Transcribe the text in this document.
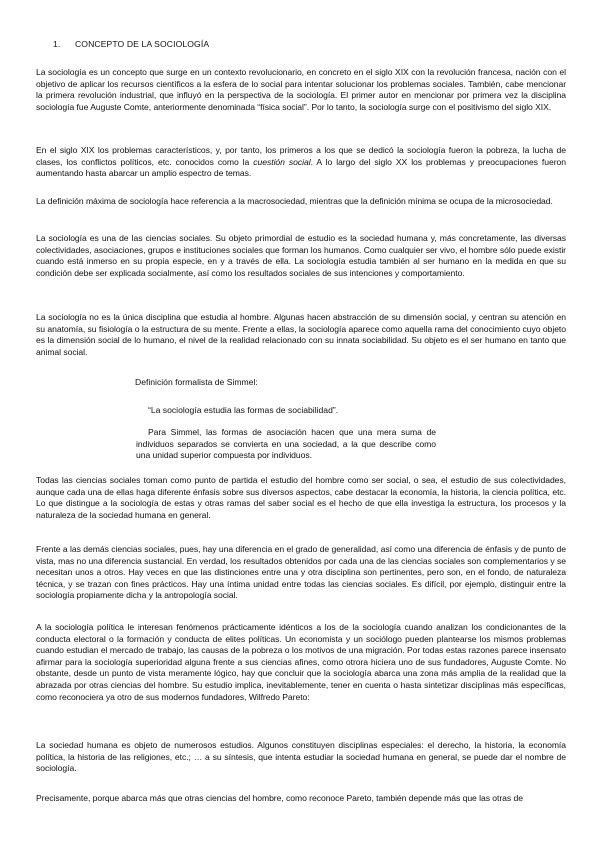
1. CONCEPTO DE LA SOCIOLOGÍA

La sociología es un concepto que surge en un contexto revolucionario, en concreto en el siglo XIX con la revolución francesa, nación con el objetivo de aplicar los recursos científicos a la esfera de lo social para intentar solucionar los problemas sociales. También, cabe mencionar la primera revolución industrial, que influyó en la perspectiva de la sociología. El primer autor en mencionar por primera vez la disciplina sociología fue Auguste Comte, anteriormente denominada “física social”. Por lo tanto, la sociología surge con el positivismo del siglo XIX.

En el siglo XIX los problemas característicos, y, por tanto, los primeros a los que se dedicó la sociología fueron la pobreza, la lucha de clases, los conflictos políticos, etc. conocidos como la cuestión social. A lo largo del siglo XX los problemas y preocupaciones fueron aumentando hasta abarcar un amplio espectro de temas.

La definición máxima de sociología hace referencia a la macrosociedad, mientras que la definición mínima se ocupa de la microsociedad.

La sociología es una de las ciencias sociales. Su objeto primordial de estudio es la sociedad humana y, más concretamente, las diversas colectividades, asociaciones, grupos e instituciones sociales que forman los humanos. Como cualquier ser vivo, el hombre sólo puede existir cuando está inmerso en su propia especie, en y a través de ella. La sociología estudia también al ser humano en la medida en que su condición debe ser explicada socialmente, así como los resultados sociales de sus intenciones y comportamiento.

La sociología no es la única disciplina que estudia al hombre. Algunas hacen abstracción de su dimensión social, y centran su atención en su anatomía, su fisiología o la estructura de su mente. Frente a ellas, la sociología aparece como aquella rama del conocimiento cuyo objeto es la dimensión social de lo humano, el nivel de la realidad relacionado con su innata sociabilidad. Su objeto es el ser humano en tanto que animal social.

Definición formalista de Simmel:
“La sociología estudia las formas de sociabilidad”.

Para Simmel, las formas de asociación hacen que una mera suma de individuos separados se convierta en una sociedad, a la que describe como una unidad superior compuesta por individuos.

Todas las ciencias sociales toman como punto de partida el estudio del hombre como ser social, o sea, el estudio de sus colectividades, aunque cada una de ellas haga diferente énfasis sobre sus diversos aspectos, cabe destacar la economía, la historia, la ciencia política, etc. Lo que distingue a la sociología de estas y otras ramas del saber social es el hecho de que ella investiga la estructura, los procesos y la naturaleza de la sociedad humana en general.

Frente a las demás ciencias sociales, pues, hay una diferencia en el grado de generalidad, así como una diferencia de énfasis y de punto de vista, mas no una diferencia sustancial. En verdad, los resultados obtenidos por cada una de las ciencias sociales son complementarios y se necesitan unos a otros. Hay veces en que las distinciones entre una y otra disciplina son pertinentes, pero son, en el fondo, de naturaleza técnica, y se trazan con fines prácticos. Hay una íntima unidad entre todas las ciencias sociales. Es difícil, por ejemplo, distinguir entre la sociología propiamente dicha y la antropología social.

A la sociología política le interesan fenómenos prácticamente idénticos a los de la sociología cuando analizan los condicionantes de la conducta electoral o la formación y conducta de elites políticas. Un economista y un sociólogo pueden plantearse los mismos problemas cuando estudian el mercado de trabajo, las causas de la pobreza o los motivos de una migración. Por todas estas razones parece insensato afirmar para la sociología superioridad alguna frente a sus ciencias afines, como otrora hiciera uno de sus fundadores, Auguste Comte. No obstante, desde un punto de vista meramente lógico, hay que concluir que la sociología abarca una zona más amplia de la realidad que la abrazada por otras ciencias del hombre. Su estudio implica, inevitablemente, tener en cuenta o hasta sintetizar disciplinas más específicas, como reconociera ya otro de sus modernos fundadores, Wilfredo Pareto:

La sociedad humana es objeto de numerosos estudios. Algunos constituyen disciplinas especiales: el derecho, la historia, la economía política, la historia de las religiones, etc.; … a su síntesis, que intenta estudiar la sociedad humana en general, se puede dar el nombre de sociología.

Precisamente, porque abarca más que otras ciencias del hombre, como reconoce Pareto, también depende más que las otras de
